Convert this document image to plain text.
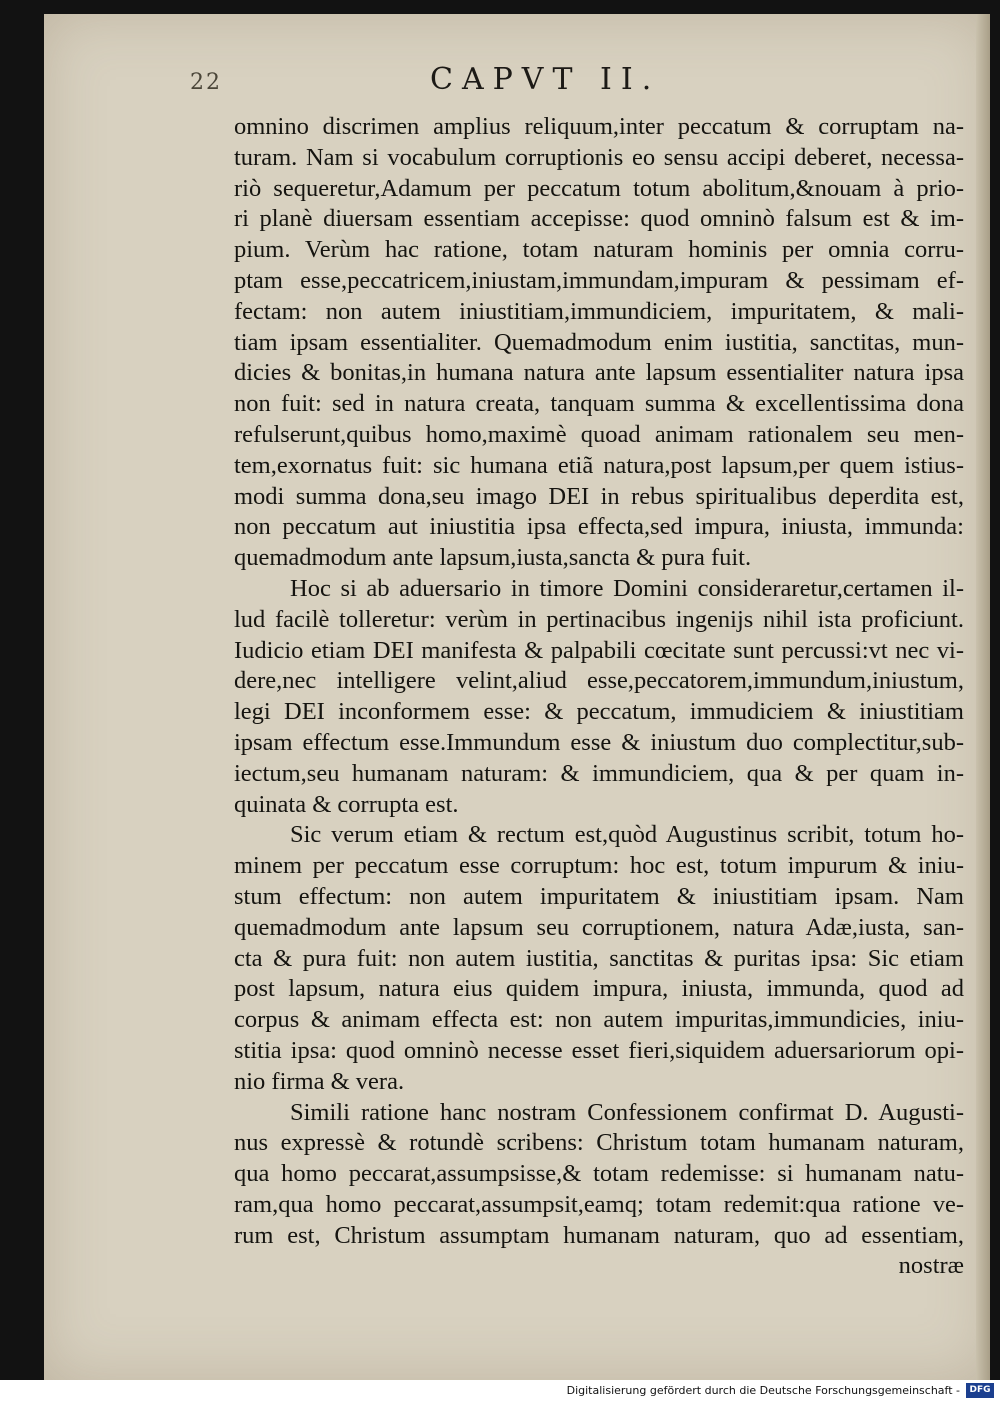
22	CAPVT II.
omnino discrimen amplius reliquum,inter peccatum & corruptam na-
turam. Nam si vocabulum corruptionis eo sensu accipi deberet, necessa-
riò sequeretur,Adamum per peccatum totum abolitum,&nouam à prio-
ri planè diuersam essentiam accepisse: quod omninò falsum est & im-
pium. Verùm hac ratione, totam naturam hominis per omnia corru-
ptam esse,peccatricem,iniustam,immundam,impuram & pessimam ef-
fectam: non autem iniustitiam,immundiciem, impuritatem, & mali-
tiam ipsam essentialiter. Quemadmodum enim iustitia, sanctitas, mun-
dicies & bonitas,in humana natura ante lapsum essentialiter natura ipsa
non fuit: sed in natura creata, tanquam summa & excellentissima dona
refulserunt,quibus homo,maximè quoad animam rationalem seu men-
tem,exornatus fuit: sic humana etiã natura,post lapsum,per quem istius-
modi summa dona,seu imago DEI in rebus spiritualibus deperdita est,
non peccatum aut iniustitia ipsa effecta,sed impura, iniusta, immunda:
quemadmodum ante lapsum,iusta,sancta & pura fuit.
Hoc si ab aduersario in timore Domini consideraretur,certamen il-
lud facilè tolleretur: verùm in pertinacibus ingenijs nihil ista proficiunt.
Iudicio etiam DEI manifesta & palpabili cœcitate sunt percussi:vt nec vi-
dere,nec intelligere velint,aliud esse,peccatorem,immundum,iniustum,
legi DEI inconformem esse: & peccatum, immudiciem & iniustitiam
ipsam effectum esse.Immundum esse & iniustum duo complectitur,sub-
iectum,seu humanam naturam: & immundiciem, qua & per quam in-
quinata & corrupta est.
Sic verum etiam & rectum est,quòd Augustinus scribit, totum ho-
minem per peccatum esse corruptum: hoc est, totum impurum & iniu-
stum effectum: non autem impuritatem & iniustitiam ipsam. Nam
quemadmodum ante lapsum seu corruptionem, natura Adæ,iusta, san-
cta & pura fuit: non autem iustitia, sanctitas & puritas ipsa: Sic etiam
post lapsum, natura eius quidem impura, iniusta, immunda, quod ad
corpus & animam effecta est: non autem impuritas,immundicies, iniu-
stitia ipsa: quod omninò necesse esset fieri,siquidem aduersariorum opi-
nio firma & vera.
Simili ratione hanc nostram Confessionem confirmat D. Augusti-
nus expressè & rotundè scribens: Christum totam humanam naturam,
qua homo peccarat,assumpsisse,& totam redemisse: si humanam natu-
ram,qua homo peccarat,assumpsit,eamq; totam redemit:qua ratione ve-
rum est, Christum assumptam humanam naturam, quo ad essentiam,
nostræ
Digitalisierung gefördert durch die Deutsche Forschungsgemeinschaft -	DFG
